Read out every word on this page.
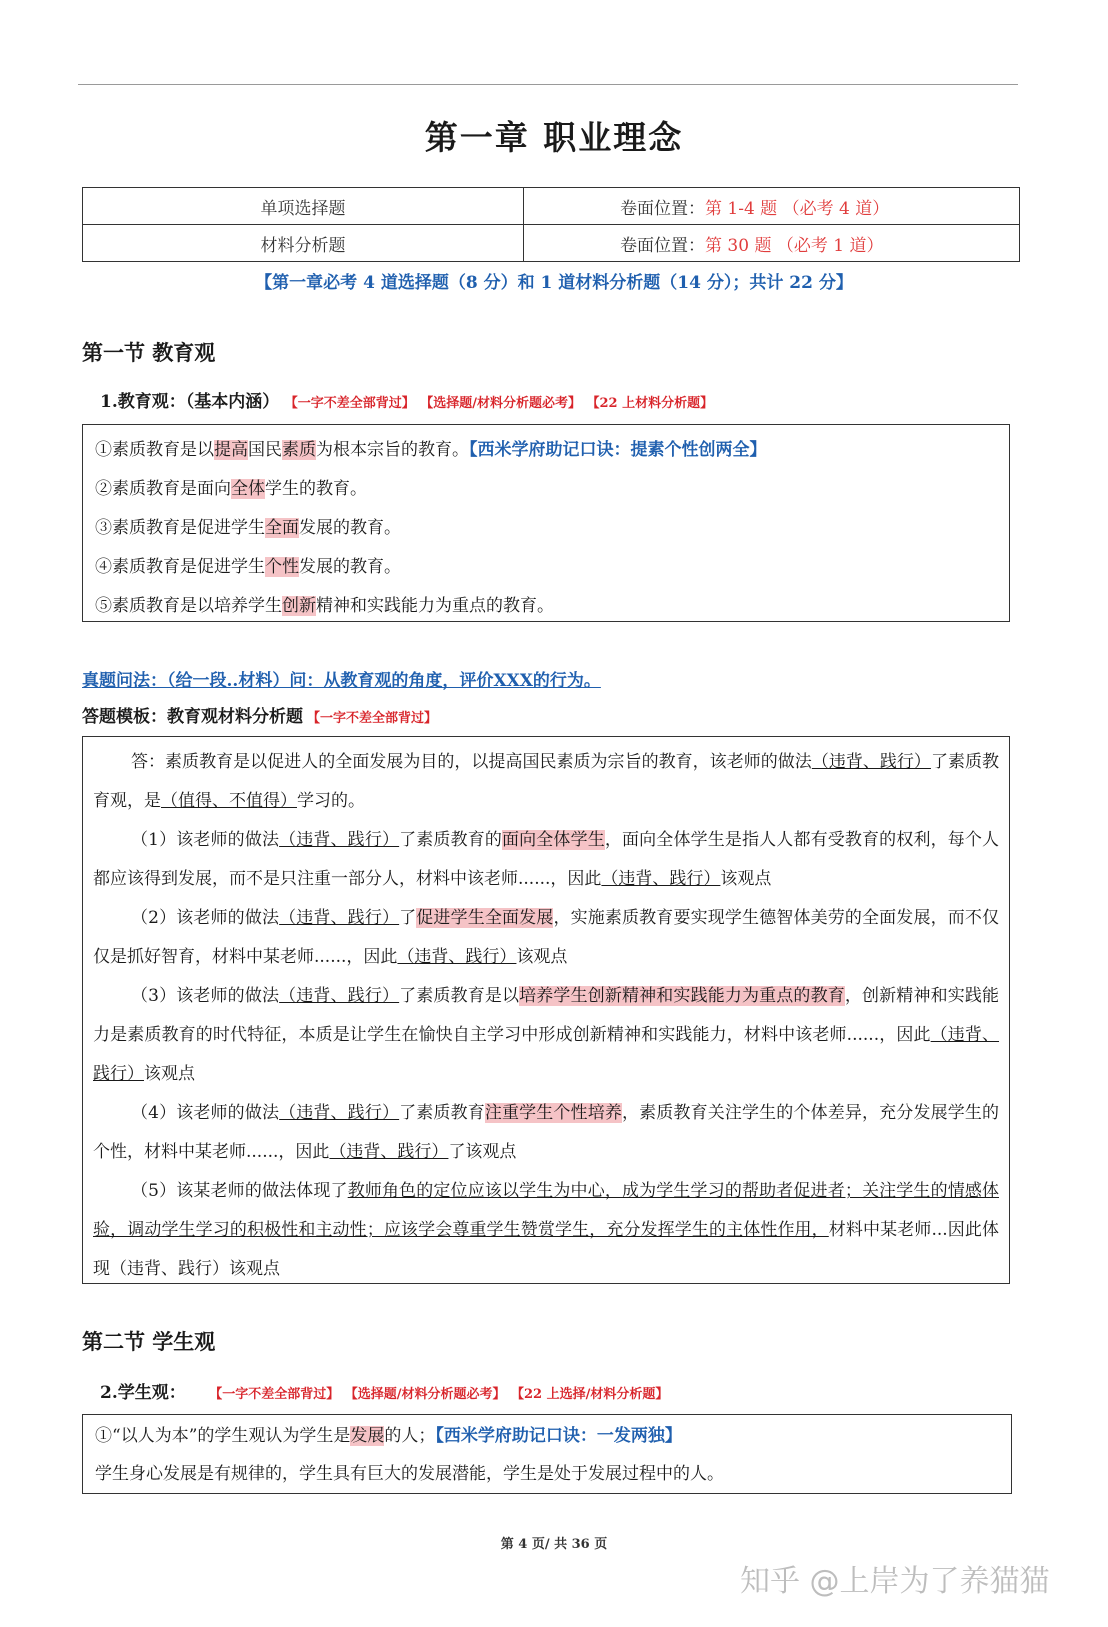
第一章 职业理念
单项选择题	卷面位置：第 1-4 题 （必考 4 道）
材料分析题	卷面位置：第 30 题 （必考 1 道）
【第一章必考 4 道选择题（8 分）和 1 道材料分析题（14 分）；共计 22 分】
第一节 教育观
1.教育观：（基本内涵） 【一字不差全部背过】 【选择题/材料分析题必考】 【22 上材料分析题】
①素质教育是以提高国民素质为根本宗旨的教育。【西米学府助记口诀：提素个性创两全】
②素质教育是面向全体学生的教育。
③素质教育是促进学生全面发展的教育。
④素质教育是促进学生个性发展的教育。
⑤素质教育是以培养学生创新精神和实践能力为重点的教育。
真题问法：（给一段..材料）问：从教育观的角度，评价XXX的行为。
答题模板：教育观材料分析题 【一字不差全部背过】

答：素质教育是以促进人的全面发展为目的，以提高国民素质为宗旨的教育，该老师的做法（违背、践行）了素质教育观，是（值得、不值得）学习的。

（1）该老师的做法（违背、践行）了素质教育的面向全体学生，面向全体学生是指人人都有受教育的权利，每个人都应该得到发展，而不是只注重一部分人，材料中该老师......，因此（违背、践行）该观点

（2）该老师的做法（违背、践行）了促进学生全面发展，实施素质教育要实现学生德智体美劳的全面发展，而不仅仅是抓好智育，材料中某老师......，因此（违背、践行）该观点

（3）该老师的做法（违背、践行）了素质教育是以培养学生创新精神和实践能力为重点的教育，创新精神和实践能力是素质教育的时代特征，本质是让学生在愉快自主学习中形成创新精神和实践能力，材料中该老师......，因此（违背、践行）该观点

（4）该老师的做法（违背、践行）了素质教育注重学生个性培养，素质教育关注学生的个体差异，充分发展学生的个性，材料中某老师......，因此（违背、践行）了该观点

（5）该某老师的做法体现了教师角色的定位应该以学生为中心，成为学生学习的帮助者促进者；关注学生的情感体验，调动学生学习的积极性和主动性；应该学会尊重学生赞赏学生，充分发挥学生的主体性作用，材料中某老师...因此体现（违背、践行）该观点

第二节 学生观
2.学生观： 【一字不差全部背过】 【选择题/材料分析题必考】 【22 上选择/材料分析题】
①“以人为本”的学生观认为学生是发展的人；【西米学府助记口诀：一发两独】
学生身心发展是有规律的，学生具有巨大的发展潜能，学生是处于发展过程中的人。
第 4 页/ 共 36 页
知乎 @上岸为了养猫猫
